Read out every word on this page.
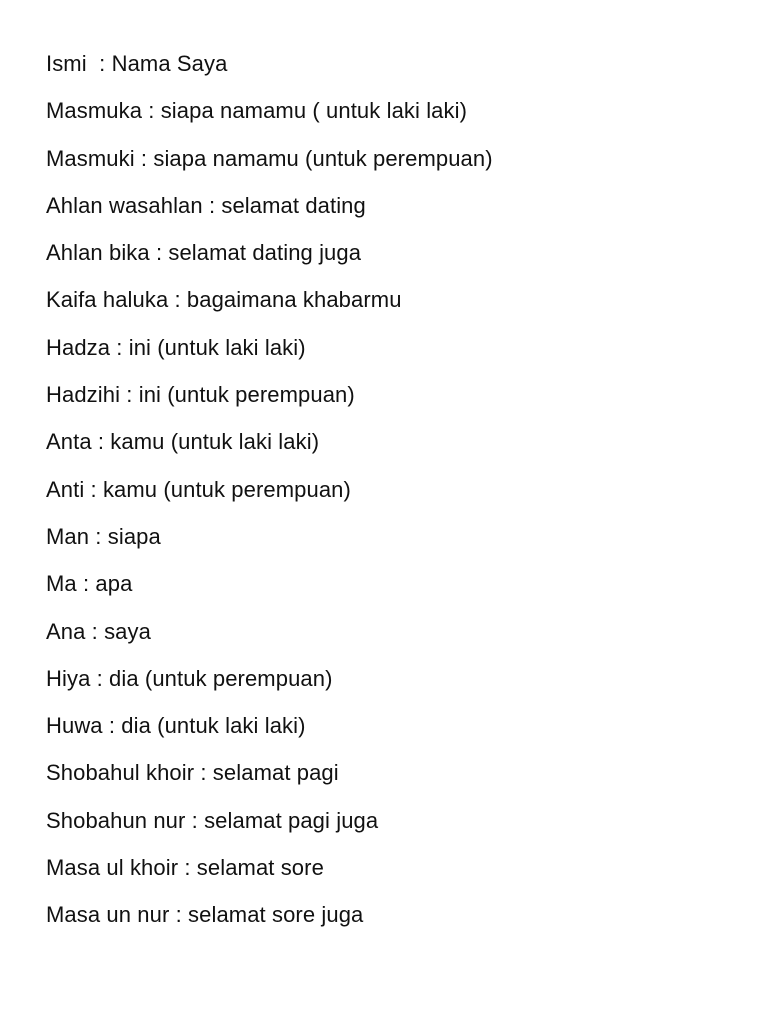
Ismi  : Nama Saya
Masmuka : siapa namamu ( untuk laki laki)
Masmuki : siapa namamu (untuk perempuan)
Ahlan wasahlan : selamat dating
Ahlan bika : selamat dating juga
Kaifa haluka : bagaimana khabarmu
Hadza : ini (untuk laki laki)
Hadzihi : ini (untuk perempuan)
Anta : kamu (untuk laki laki)
Anti : kamu (untuk perempuan)
Man : siapa
Ma : apa
Ana : saya
Hiya : dia (untuk perempuan)
Huwa : dia (untuk laki laki)
Shobahul khoir : selamat pagi
Shobahun nur : selamat pagi juga
Masa ul khoir : selamat sore
Masa un nur : selamat sore juga
